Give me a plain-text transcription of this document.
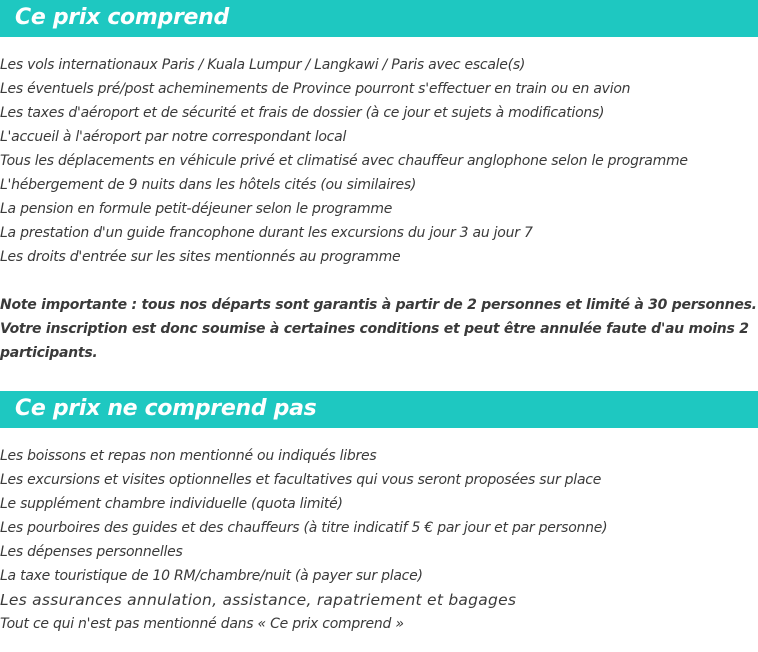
Ce prix comprend
Les vols internationaux Paris / Kuala Lumpur / Langkawi / Paris avec escale(s)
Les éventuels pré/post acheminements de Province pourront s'effectuer en train ou en avion
Les taxes d'aéroport et de sécurité et frais de dossier (à ce jour et sujets à modifications)
L'accueil à l'aéroport par notre correspondant local
Tous les déplacements en véhicule privé et climatisé avec chauffeur anglophone selon le programme
L'hébergement de 9 nuits dans les hôtels cités (ou similaires)
La pension en formule petit-déjeuner selon le programme
La prestation d'un guide francophone durant les excursions du jour 3 au jour 7
Les droits d'entrée sur les sites mentionnés au programme

Note importante : tous nos départs sont garantis à partir de 2 personnes et limité à 30 personnes. Votre inscription est donc soumise à certaines conditions et peut être annulée faute d'au moins 2 participants.

Ce prix ne comprend pas
Les boissons et repas non mentionné ou indiqués libres
Les excursions et visites optionnelles et facultatives qui vous seront proposées sur place
Le supplément chambre individuelle (quota limité)
Les pourboires des guides et des chauffeurs (à titre indicatif 5 € par jour et par personne)
Les dépenses personnelles
La taxe touristique de 10 RM/chambre/nuit (à payer sur place)
Les assurances annulation, assistance, rapatriement et bagages
Tout ce qui n'est pas mentionné dans « Ce prix comprend »
